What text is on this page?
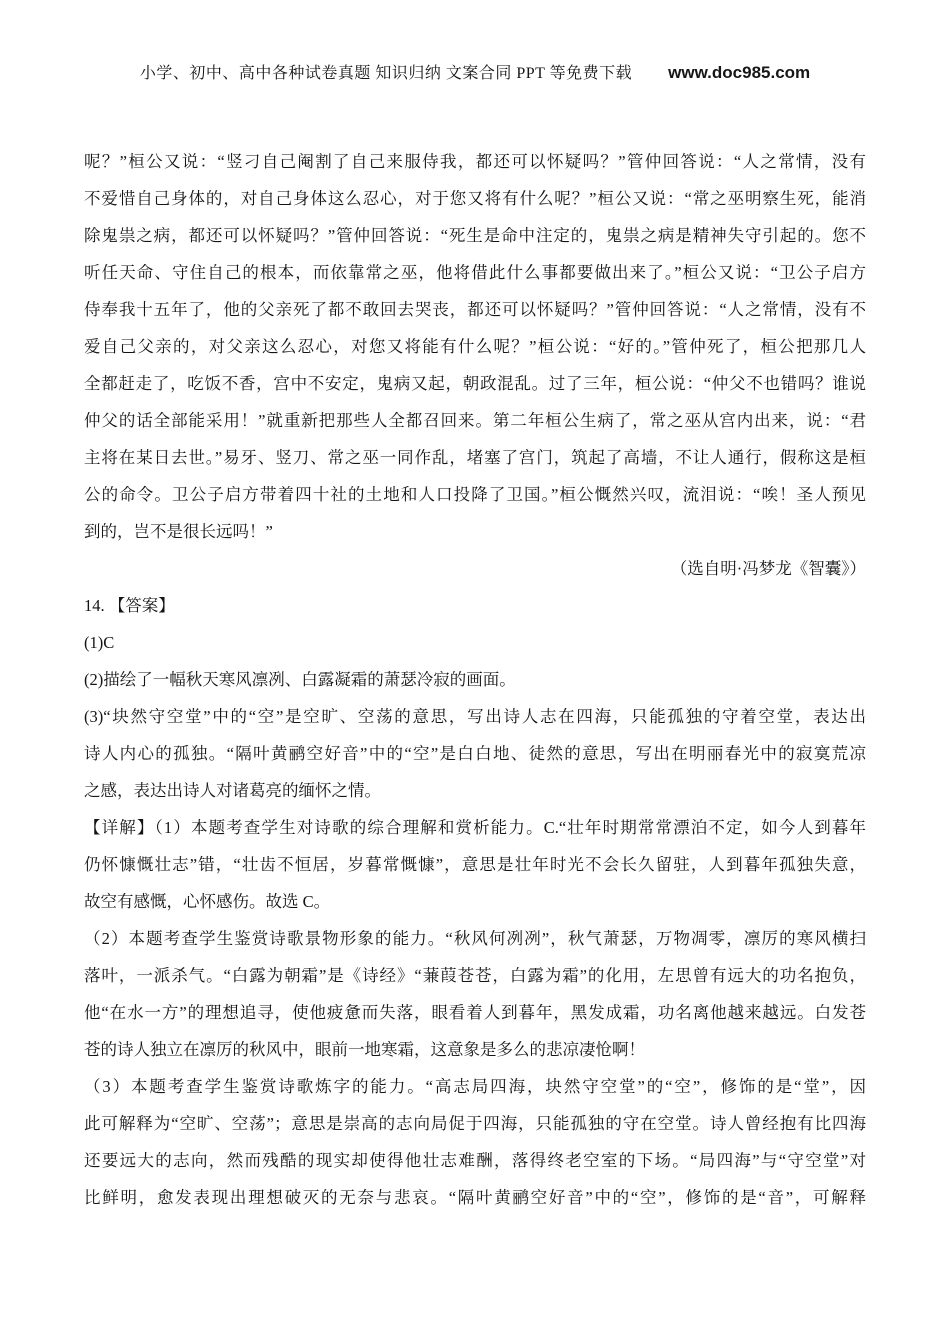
小学、初中、高中各种试卷真题 知识归纳 文案合同 PPT 等免费下载 www.doc985.com
呢？”桓公又说：“竖刁自己阉割了自己来服侍我，都还可以怀疑吗？”管仲回答说：“人之常情，没有
不爱惜自己身体的，对自己身体这么忍心，对于您又将有什么呢？”桓公又说：“常之巫明察生死，能消
除鬼祟之病，都还可以怀疑吗？”管仲回答说：“死生是命中注定的，鬼祟之病是精神失守引起的。您不
听任天命、守住自己的根本，而依靠常之巫，他将借此什么事都要做出来了。”桓公又说：“卫公子启方
侍奉我十五年了，他的父亲死了都不敢回去哭丧，都还可以怀疑吗？”管仲回答说：“人之常情，没有不
爱自己父亲的，对父亲这么忍心，对您又将能有什么呢？”桓公说：“好的。”管仲死了，桓公把那几人
全都赶走了，吃饭不香，宫中不安定，鬼病又起，朝政混乱。过了三年，桓公说：“仲父不也错吗？谁说
仲父的话全部能采用！”就重新把那些人全都召回来。第二年桓公生病了，常之巫从宫内出来，说：“君
主将在某日去世。”易牙、竖刀、常之巫一同作乱，堵塞了宫门，筑起了高墙，不让人通行，假称这是桓
公的命令。卫公子启方带着四十社的土地和人口投降了卫国。”桓公慨然兴叹，流泪说：“唉！圣人预见
到的，岂不是很长远吗！”
（选自明·冯梦龙《智囊》）
14. 【答案】
(1)C
(2)描绘了一幅秋天寒风凛冽、白露凝霜的萧瑟冷寂的画面。
(3)“块然守空堂”中的“空”是空旷、空荡的意思，写出诗人志在四海，只能孤独的守着空堂，表达出
诗人内心的孤独。“隔叶黄鹂空好音”中的“空”是白白地、徒然的意思，写出在明丽春光中的寂寞荒凉
之感，表达出诗人对诸葛亮的缅怀之情。
【详解】（1）本题考查学生对诗歌的综合理解和赏析能力。C.“壮年时期常常漂泊不定，如今人到暮年
仍怀慷慨壮志”错，“壮齿不恒居，岁暮常慨慷”，意思是壮年时光不会长久留驻，人到暮年孤独失意，
故空有感慨，心怀感伤。故选 C。
（2）本题考查学生鉴赏诗歌景物形象的能力。“秋风何冽冽”，秋气萧瑟，万物凋零，凛厉的寒风横扫
落叶，一派杀气。“白露为朝霜”是《诗经》“蒹葭苍苍，白露为霜”的化用，左思曾有远大的功名抱负，
他“在水一方”的理想追寻，使他疲惫而失落，眼看着人到暮年，黑发成霜，功名离他越来越远。白发苍
苍的诗人独立在凛厉的秋风中，眼前一地寒霜，这意象是多么的悲凉凄怆啊！
（3）本题考查学生鉴赏诗歌炼字的能力。“高志局四海，块然守空堂”的“空”，修饰的是“堂”，因
此可解释为“空旷、空荡”；意思是崇高的志向局促于四海，只能孤独的守在空堂。诗人曾经抱有比四海
还要远大的志向，然而残酷的现实却使得他壮志难酬，落得终老空室的下场。“局四海”与“守空堂”对
比鲜明，愈发表现出理想破灭的无奈与悲哀。“隔叶黄鹂空好音”中的“空”，修饰的是“音”，可解释
